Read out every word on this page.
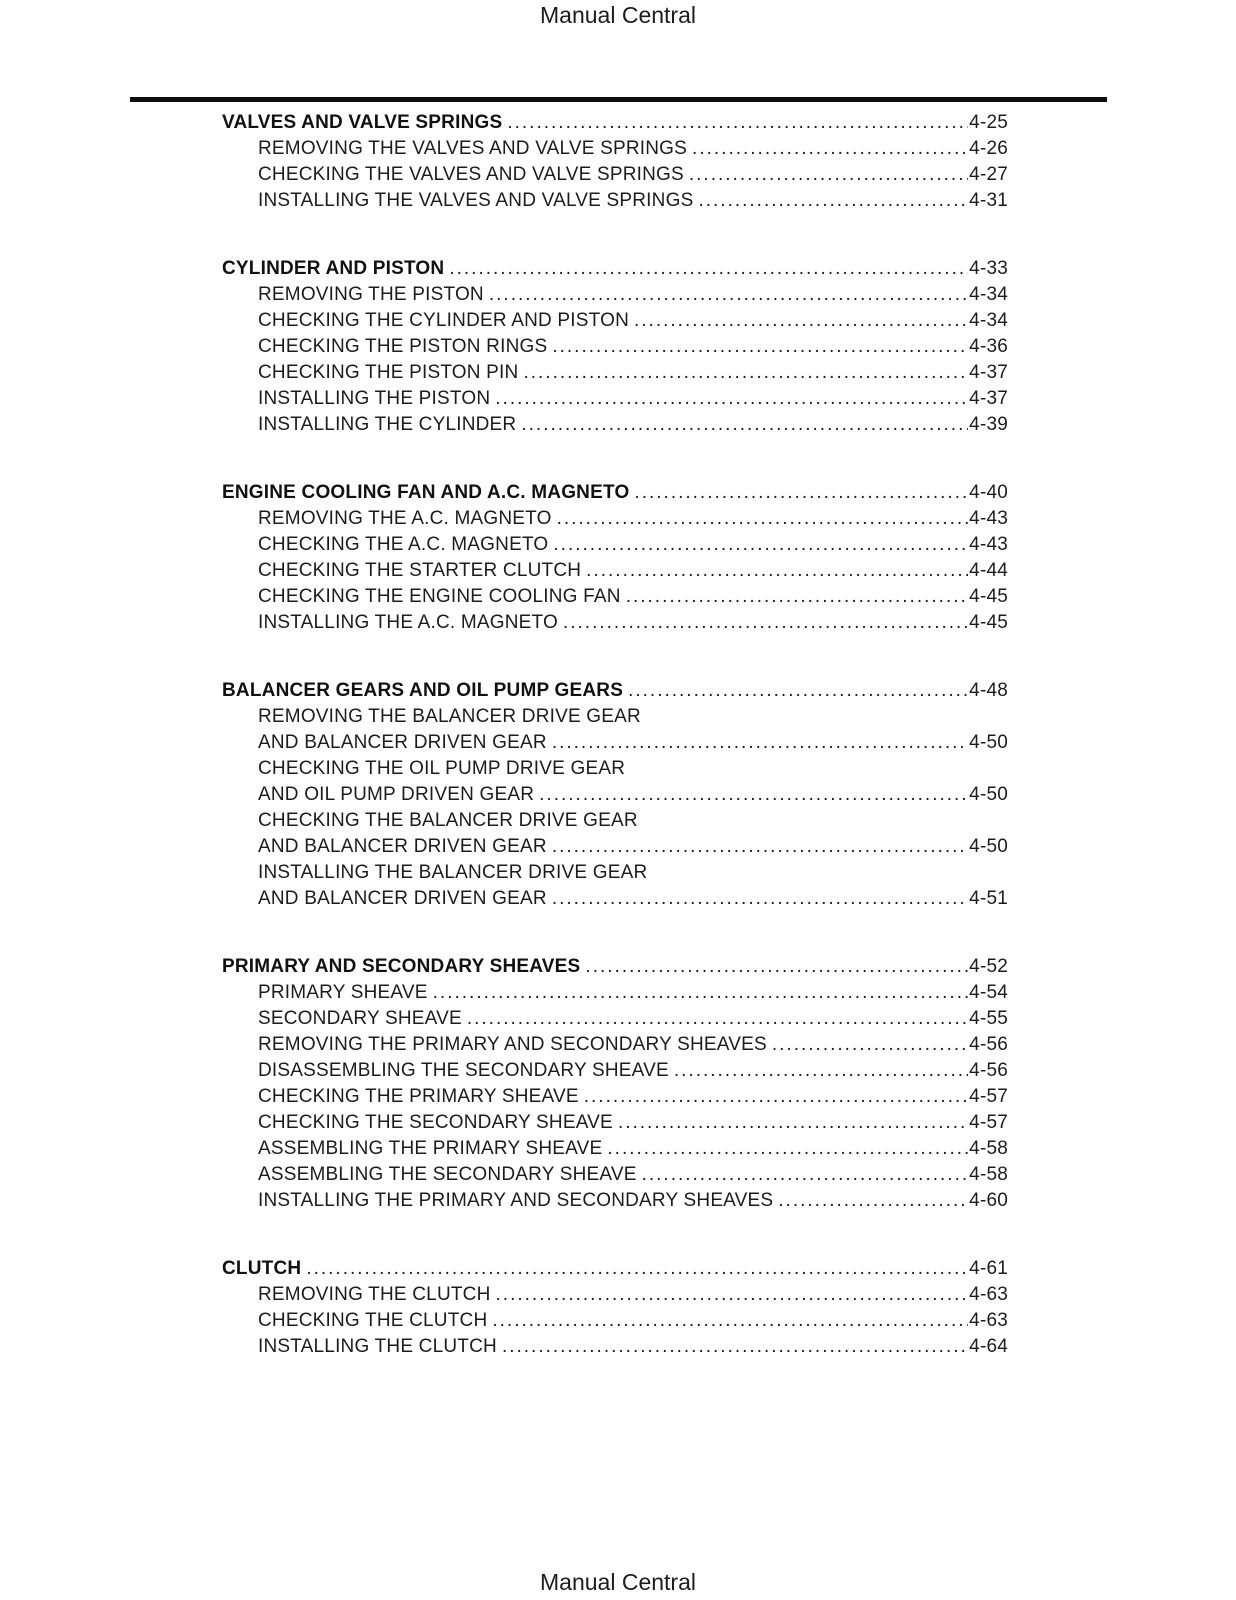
Manual Central
VALVES AND VALVE SPRINGS .....	4-25
REMOVING THE VALVES AND VALVE SPRINGS .....	4-26
CHECKING THE VALVES AND VALVE SPRINGS .....	4-27
INSTALLING THE VALVES AND VALVE SPRINGS .....	4-31
CYLINDER AND PISTON .....	4-33
REMOVING THE PISTON .....	4-34
CHECKING THE CYLINDER AND PISTON .....	4-34
CHECKING THE PISTON RINGS .....	4-36
CHECKING THE PISTON PIN .....	4-37
INSTALLING THE PISTON .....	4-37
INSTALLING THE CYLINDER .....	4-39
ENGINE COOLING FAN AND A.C. MAGNETO .....	4-40
REMOVING THE A.C. MAGNETO .....	4-43
CHECKING THE A.C. MAGNETO .....	4-43
CHECKING THE STARTER CLUTCH .....	4-44
CHECKING THE ENGINE COOLING FAN .....	4-45
INSTALLING THE A.C. MAGNETO .....	4-45
BALANCER GEARS AND OIL PUMP GEARS .....	4-48
REMOVING THE BALANCER DRIVE GEAR
AND BALANCER DRIVEN GEAR .....	4-50
CHECKING THE OIL PUMP DRIVE GEAR
AND OIL PUMP DRIVEN GEAR .....	4-50
CHECKING THE BALANCER DRIVE GEAR
AND BALANCER DRIVEN GEAR .....	4-50
INSTALLING THE BALANCER DRIVE GEAR
AND BALANCER DRIVEN GEAR .....	4-51
PRIMARY AND SECONDARY SHEAVES .....	4-52
PRIMARY SHEAVE .....	4-54
SECONDARY SHEAVE .....	4-55
REMOVING THE PRIMARY AND SECONDARY SHEAVES .....	4-56
DISASSEMBLING THE SECONDARY SHEAVE .....	4-56
CHECKING THE PRIMARY SHEAVE .....	4-57
CHECKING THE SECONDARY SHEAVE .....	4-57
ASSEMBLING THE PRIMARY SHEAVE .....	4-58
ASSEMBLING THE SECONDARY SHEAVE .....	4-58
INSTALLING THE PRIMARY AND SECONDARY SHEAVES .....	4-60
CLUTCH .....	4-61
REMOVING THE CLUTCH .....	4-63
CHECKING THE CLUTCH .....	4-63
INSTALLING THE CLUTCH .....	4-64
Manual Central
